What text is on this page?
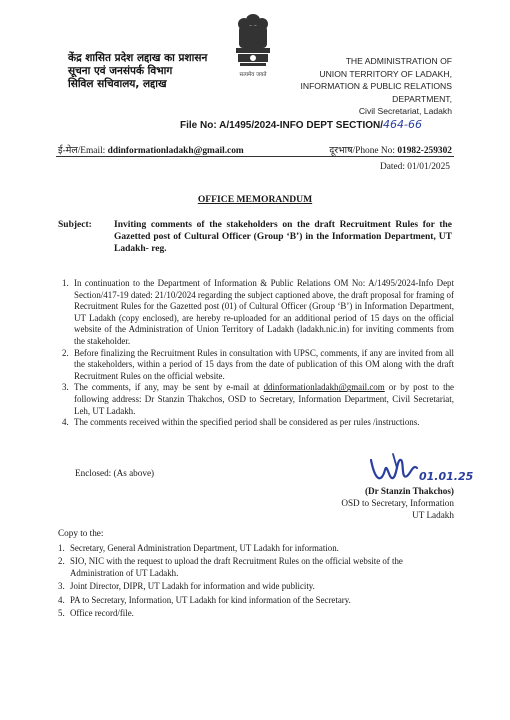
केंद्र शासित प्रदेश लद्दाख का प्रशासन
सूचना एवं जनसंपर्क विभाग
सिविल सचिवालय, लद्दाख
सत्यमेव जयते
THE ADMINISTRATION OF
UNION TERRITORY OF LADAKH,
INFORMATION & PUBLIC RELATIONS
DEPARTMENT,
Civil Secretariat, Ladakh
File No: A/1495/2024-INFO DEPT SECTION/464-66
ई-मेल/Email: ddinformationladakh@gmail.com	दूरभाष/Phone No: 01982-259302
Dated: 01/01/2025
OFFICE MEMORANDUM
Subject: Inviting comments of the stakeholders on the draft Recruitment Rules for the Gazetted post of Cultural Officer (Group ‘B’) in the Information Department, UT Ladakh- reg.
1. In continuation to the Department of Information & Public Relations OM No: A/1495/2024-Info Dept Section/417-19 dated: 21/10/2024 regarding the subject captioned above, the draft proposal for framing of Recruitment Rules for the Gazetted post (01) of Cultural Officer (Group ‘B’) in Information Department, UT Ladakh (copy enclosed), are hereby re-uploaded for an additional period of 15 days on the official website of the Administration of Union Territory of Ladakh (ladakh.nic.in) for inviting comments from the stakeholder.
2. Before finalizing the Recruitment Rules in consultation with UPSC, comments, if any are invited from all the stakeholders, within a period of 15 days from the date of publication of this OM along with the draft Recruitment Rules on the official website.
3. The comments, if any, may be sent by e-mail at ddinformationladakh@gmail.com or by post to the following address: Dr Stanzin Thakchos, OSD to Secretary, Information Department, Civil Secretariat, Leh, UT Ladakh.
4. The comments received within the specified period shall be considered as per rules /instructions.
Enclosed: (As above)	01.01.25
(Dr Stanzin Thakchos)
OSD to Secretary, Information
UT Ladakh
Copy to the:
1. Secretary, General Administration Department, UT Ladakh for information.
2. SIO, NIC with the request to upload the draft Recruitment Rules on the official website of the Administration of UT Ladakh.
3. Joint Director, DIPR, UT Ladakh for information and wide publicity.
4. PA to Secretary, Information, UT Ladakh for kind information of the Secretary.
5. Office record/file.
